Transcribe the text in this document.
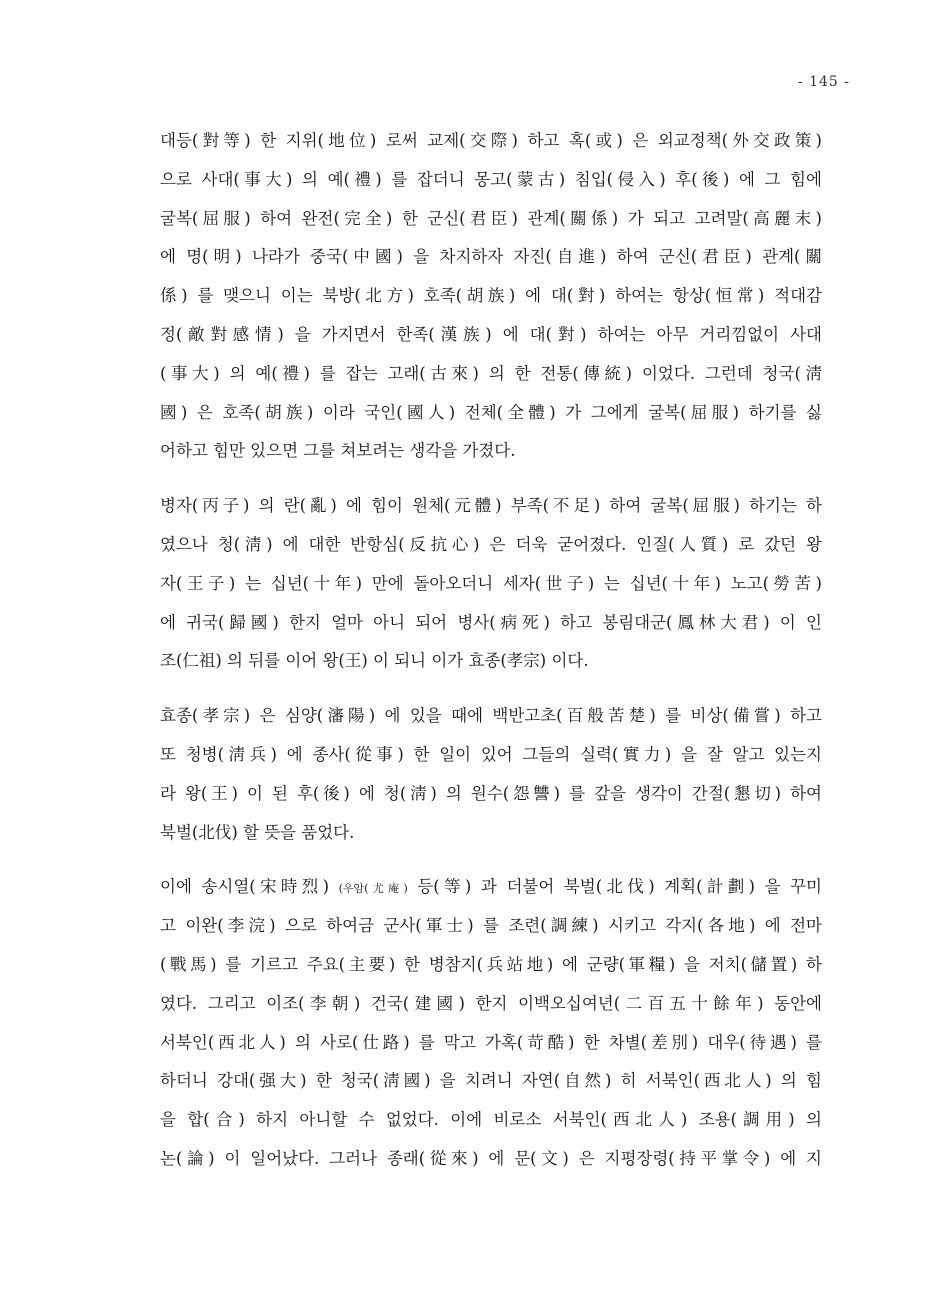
- 145 -

대등(對等) 한 지위(地位) 로써 교제(交際) 하고 혹(或) 은 외교정책(外交政策)
으로 사대(事大) 의 예(禮) 를 잡더니 몽고(蒙古) 침입(侵入) 후(後) 에 그 힘에
굴복(屈服) 하여 완전(完全) 한 군신(君臣) 관계(關係) 가 되고 고려말(高麗末)
에 명(明) 나라가 중국(中國) 을 차지하자 자진(自進) 하여 군신(君臣) 관계(關
係) 를 맺으니 이는 북방(北方) 호족(胡族) 에 대(對) 하여는 항상(恒常) 적대감
정(敵對感情) 을 가지면서 한족(漢族) 에 대(對) 하여는 아무 거리낌없이 사대
(事大) 의 예(禮) 를 잡는 고래(古來) 의 한 전통(傳統) 이었다. 그런데 청국(淸
國) 은 호족(胡族) 이라 국인(國人) 전체(全體) 가 그에게 굴복(屈服) 하기를 싫
어하고 힘만 있으면 그를 쳐보려는 생각을 가졌다.

병자(丙子) 의 란(亂) 에 힘이 원체(元體) 부족(不足) 하여 굴복(屈服) 하기는 하
였으나 청(淸) 에 대한 반항심(反抗心) 은 더욱 굳어졌다. 인질(人質) 로 갔던 왕
자(王子) 는 십년(十年) 만에 돌아오더니 세자(世子) 는 십년(十年) 노고(勞苦)
에 귀국(歸國) 한지 얼마 아니 되어 병사(病死) 하고 봉림대군(鳳林大君) 이 인
조(仁祖) 의 뒤를 이어 왕(王) 이 되니 이가 효종(孝宗) 이다.

효종(孝宗) 은 심양(瀋陽) 에 있을 때에 백반고초(百般苦楚) 를 비상(備嘗) 하고
또 청병(淸兵) 에 종사(從事) 한 일이 있어 그들의 실력(實力) 을 잘 알고 있는지
라 왕(王) 이 된 후(後) 에 청(淸) 의 원수(怨讐) 를 갚을 생각이 간절(懇切) 하여
북벌(北伐) 할 뜻을 품었다.

이에 송시열(宋時烈) (우암(尤庵) 등(等) 과 더불어 북벌(北伐) 계획(計劃) 을 꾸미
고 이완(李浣) 으로 하여금 군사(軍士) 를 조련(調練) 시키고 각지(各地) 에 전마
(戰馬) 를 기르고 주요(主要) 한 병참지(兵站地) 에 군량(軍糧) 을 저치(儲置) 하
였다. 그리고 이조(李朝) 건국(建國) 한지 이백오십여년(二百五十餘年) 동안에
서북인(西北人) 의 사로(仕路) 를 막고 가혹(苛酷) 한 차별(差別) 대우(待遇) 를
하더니 강대(强大) 한 청국(淸國) 을 치려니 자연(自然) 히 서북인(西北人) 의 힘
을 합(合) 하지 아니할 수 없었다. 이에 비로소 서북인(西北人) 조용(調用) 의
논(論) 이 일어났다. 그러나 종래(從來) 에 문(文) 은 지평장령(持平掌令) 에 지
